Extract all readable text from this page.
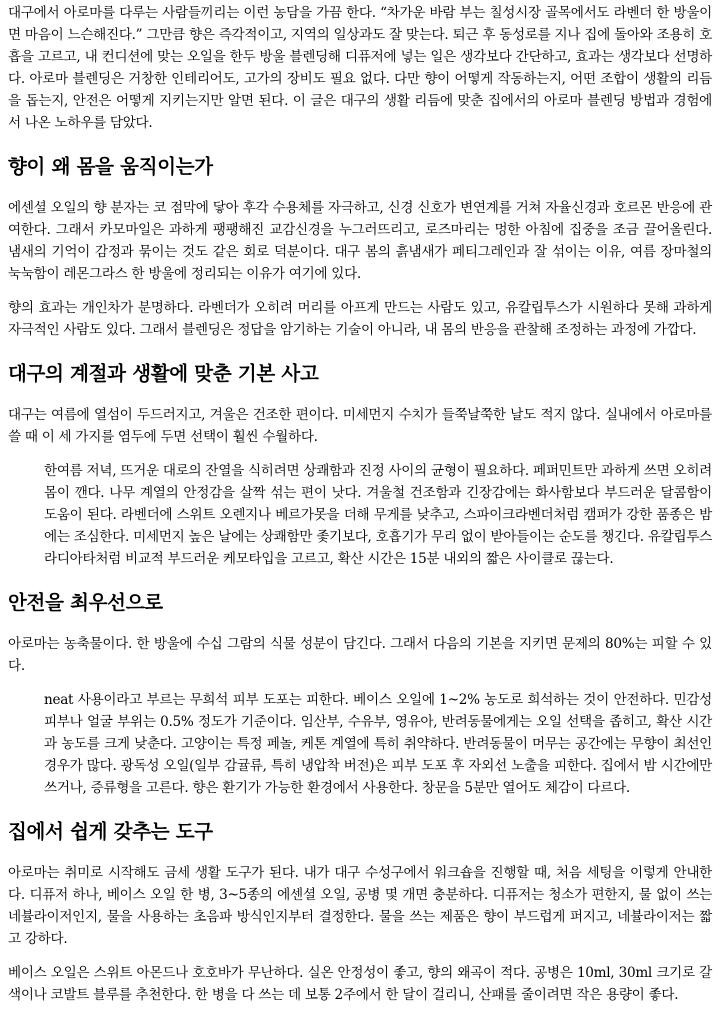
대구에서 아로마를 다루는 사람들끼리는 이런 농담을 가끔 한다. “차가운 바람 부는 칠성시장 골목에서도 라벤더 한 방울이면 마음이 느슨해진다.” 그만큼 향은 즉각적이고, 지역의 일상과도 잘 맞는다. 퇴근 후 동성로를 지나 집에 돌아와 조용히 호흡을 고르고, 내 컨디션에 맞는 오일을 한두 방울 블렌딩해 디퓨저에 넣는 일은 생각보다 간단하고, 효과는 생각보다 선명하다. 아로마 블렌딩은 거창한 인테리어도, 고가의 장비도 필요 없다. 다만 향이 어떻게 작동하는지, 어떤 조합이 생활의 리듬을 돕는지, 안전은 어떻게 지키는지만 알면 된다. 이 글은 대구의 생활 리듬에 맞춘 집에서의 아로마 블렌딩 방법과 경험에서 나온 노하우를 담았다.

향이 왜 몸을 움직이는가

에센셜 오일의 향 분자는 코 점막에 닿아 후각 수용체를 자극하고, 신경 신호가 변연계를 거쳐 자율신경과 호르몬 반응에 관여한다. 그래서 카모마일은 과하게 팽팽해진 교감신경을 누그러뜨리고, 로즈마리는 멍한 아침에 집중을 조금 끌어올린다. 냄새의 기억이 감정과 묶이는 것도 같은 회로 덕분이다. 대구 봄의 흙냄새가 페티그레인과 잘 섞이는 이유, 여름 장마철의 눅눅함이 레몬그라스 한 방울에 정리되는 이유가 여기에 있다.

향의 효과는 개인차가 분명하다. 라벤더가 오히려 머리를 아프게 만드는 사람도 있고, 유칼립투스가 시원하다 못해 과하게 자극적인 사람도 있다. 그래서 블렌딩은 정답을 암기하는 기술이 아니라, 내 몸의 반응을 관찰해 조정하는 과정에 가깝다.

대구의 계절과 생활에 맞춘 기본 사고

대구는 여름에 열섬이 두드러지고, 겨울은 건조한 편이다. 미세먼지 수치가 들쭉날쭉한 날도 적지 않다. 실내에서 아로마를 쓸 때 이 세 가지를 염두에 두면 선택이 훨씬 수월하다.

한여름 저녁, 뜨거운 대로의 잔열을 식히려면 상쾌함과 진정 사이의 균형이 필요하다. 페퍼민트만 과하게 쓰면 오히려 몸이 깬다. 나무 계열의 안정감을 살짝 섞는 편이 낫다. 겨울철 건조함과 긴장감에는 화사함보다 부드러운 달콤함이 도움이 된다. 라벤더에 스위트 오렌지나 베르가못을 더해 무게를 낮추고, 스파이크라벤더처럼 캠퍼가 강한 품종은 밤에는 조심한다. 미세먼지 높은 날에는 상쾌함만 좇기보다, 호흡기가 무리 없이 받아들이는 순도를 챙긴다. 유칼립투스 라디아타처럼 비교적 부드러운 케모타입을 고르고, 확산 시간은 15분 내외의 짧은 사이클로 끊는다.

안전을 최우선으로

아로마는 농축물이다. 한 방울에 수십 그람의 식물 성분이 담긴다. 그래서 다음의 기본을 지키면 문제의 80%는 피할 수 있다.

neat 사용이라고 부르는 무희석 피부 도포는 피한다. 베이스 오일에 1~2% 농도로 희석하는 것이 안전하다. 민감성 피부나 얼굴 부위는 0.5% 정도가 기준이다. 임산부, 수유부, 영유아, 반려동물에게는 오일 선택을 좁히고, 확산 시간과 농도를 크게 낮춘다. 고양이는 특정 페놀, 케톤 계열에 특히 취약하다. 반려동물이 머무는 공간에는 무향이 최선인 경우가 많다. 광독성 오일(일부 감귤류, 특히 냉압착 버전)은 피부 도포 후 자외선 노출을 피한다. 집에서 밤 시간에만 쓰거나, 증류형을 고른다. 향은 환기가 가능한 환경에서 사용한다. 창문을 5분만 열어도 체감이 다르다.

집에서 쉽게 갖추는 도구

아로마는 취미로 시작해도 금세 생활 도구가 된다. 내가 대구 수성구에서 워크숍을 진행할 때, 처음 세팅을 이렇게 안내한다. 디퓨저 하나, 베이스 오일 한 병, 3~5종의 에센셜 오일, 공병 몇 개면 충분하다. 디퓨저는 청소가 편한지, 물 없이 쓰는 네뷸라이저인지, 물을 사용하는 초음파 방식인지부터 결정한다. 물을 쓰는 제품은 향이 부드럽게 퍼지고, 네뷸라이저는 짧고 강하다.

베이스 오일은 스위트 아몬드나 호호바가 무난하다. 실온 안정성이 좋고, 향의 왜곡이 적다. 공병은 10ml, 30ml 크기로 갈색이나 코발트 블루를 추천한다. 한 병을 다 쓰는 데 보통 2주에서 한 달이 걸리니, 산패를 줄이려면 작은 용량이 좋다.
